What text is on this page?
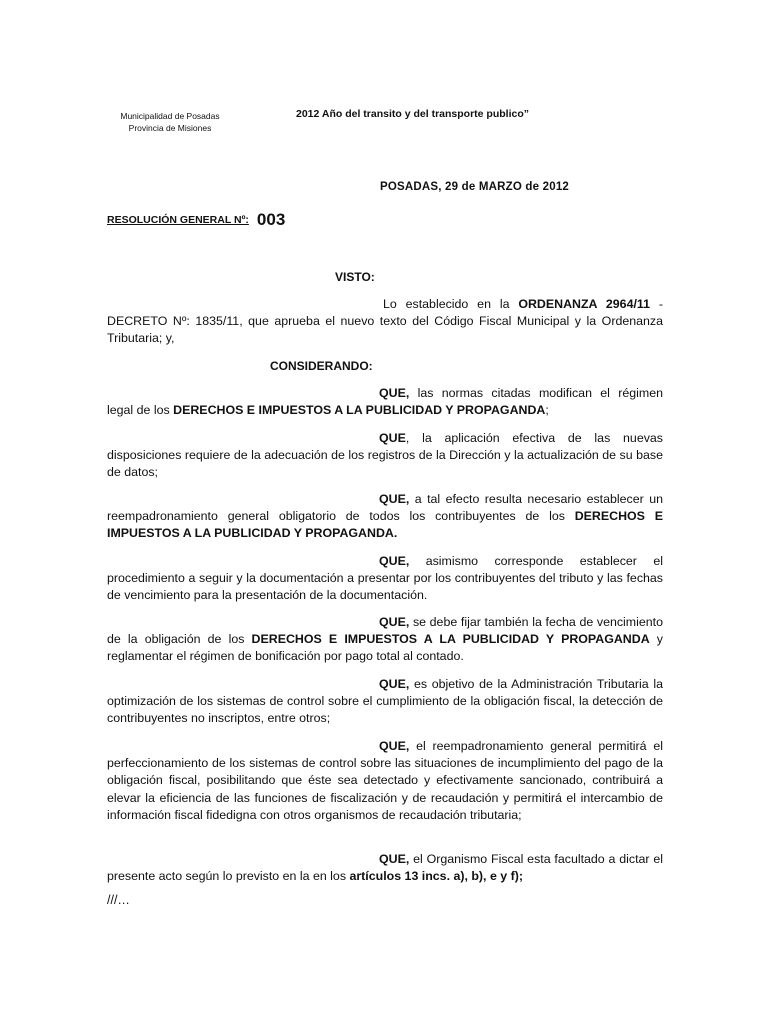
Municipalidad de Posadas
Provincia de Misiones
2012 Año del transito y del transporte publico”
POSADAS, 29 de MARZO de 2012
RESOLUCIÓN GENERAL Nº: 003
VISTO:
Lo establecido en la ORDENANZA 2964/11 - DECRETO Nº: 1835/11, que aprueba el nuevo texto del Código Fiscal Municipal y la Ordenanza Tributaria; y,
CONSIDERANDO:
QUE, las normas citadas modifican el régimen legal de los DERECHOS E IMPUESTOS A LA PUBLICIDAD Y PROPAGANDA;
QUE, la aplicación efectiva de las nuevas disposiciones requiere de la adecuación de los registros de la Dirección y la actualización de su base de datos;
QUE, a tal efecto resulta necesario establecer un reempadronamiento general obligatorio de todos los contribuyentes de los DERECHOS E IMPUESTOS A LA PUBLICIDAD Y PROPAGANDA.
QUE, asimismo corresponde establecer el procedimiento a seguir y la documentación a presentar por los contribuyentes del tributo y las fechas de vencimiento para la presentación de la documentación.
QUE, se debe fijar también la fecha de vencimiento de la obligación de los DERECHOS E IMPUESTOS A LA PUBLICIDAD Y PROPAGANDA y reglamentar el régimen de bonificación por pago total al contado.
QUE, es objetivo de la Administración Tributaria la optimización de los sistemas de control sobre el cumplimiento de la obligación fiscal, la detección de contribuyentes no inscriptos, entre otros;
QUE, el reempadronamiento general permitirá el perfeccionamiento de los sistemas de control sobre las situaciones de incumplimiento del pago de la obligación fiscal, posibilitando que éste sea detectado y efectivamente sancionado, contribuirá a elevar la eficiencia de las funciones de fiscalización y de recaudación y permitirá el intercambio de información fiscal fidedigna con otros organismos de recaudación tributaria;
QUE, el Organismo Fiscal esta facultado a dictar el presente acto según lo previsto en la en los artículos 13 incs. a), b), e y f);
///…
